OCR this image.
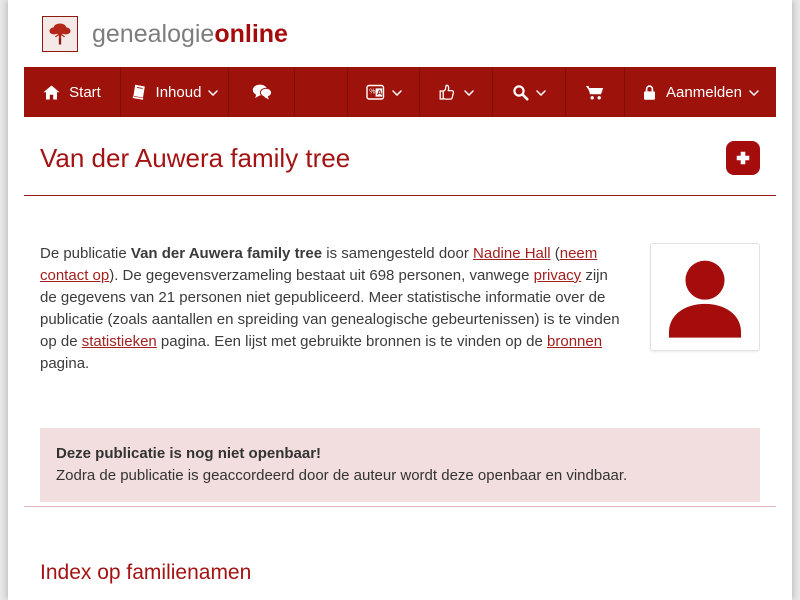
genealogieonline
Start	Inhoud	% A	Aanmelden
Van der Auwera family tree

De publicatie Van der Auwera family tree is samengesteld door Nadine Hall (neem contact op). De gegevensverzameling bestaat uit 698 personen, vanwege privacy zijn de gegevens van 21 personen niet gepubliceerd. Meer statistische informatie over de publicatie (zoals aantallen en spreiding van genealogische gebeurtenissen) is te vinden op de statistieken pagina. Een lijst met gebruikte bronnen is te vinden op de bronnen pagina.

Deze publicatie is nog niet openbaar!
Zodra de publicatie is geaccordeerd door de auteur wordt deze openbaar en vindbaar.
Index op familienamen
